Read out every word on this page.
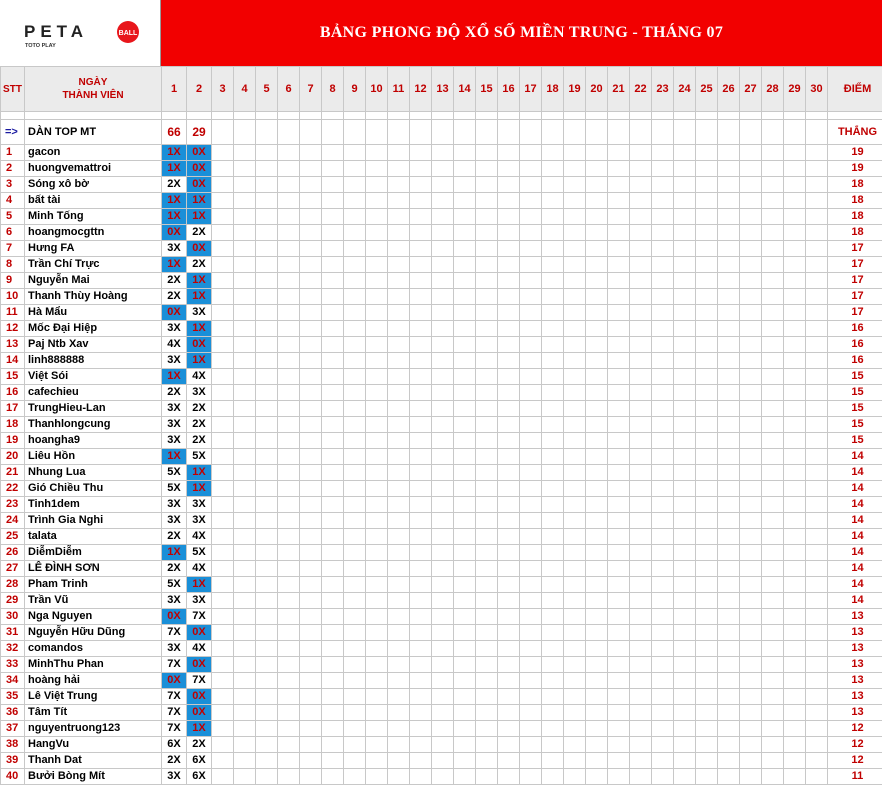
PETA	BALL
TOTO PLAY
BẢNG PHONG ĐỘ XỔ SỐ MIỀN TRUNG - THÁNG 07
STT	NGÀY
THÀNH VIÊN	1	2	3	4	5	6	7	8	9	10	11	12	13	14	15	16	17	18	19	20	21	22	23	24	25	26	27	28	29	30	ĐIỂM

=>	DÀN TOP MT	66	29																													THẮNG
1	gacon	1X	0X																													19
2	huongvemattroi	1X	0X																													19
3	Sóng xô bờ	2X	0X																													18
4	bất tài	1X	1X																													18
5	Minh Tống	1X	1X																													18
6	hoangmocgttn	0X	2X																													18
7	Hưng FA	3X	0X																													17
8	Trần Chí Trực	1X	2X																													17
9	Nguyễn Mai	2X	1X																													17
10	Thanh Thùy Hoàng	2X	1X																													17
11	Hà Mẩu	0X	3X																													17
12	Mốc Đại Hiệp	3X	1X																													16
13	Paj Ntb Xav	4X	0X																													16
14	linh888888	3X	1X																													16
15	Việt Sói	1X	4X																													15
16	cafechieu	2X	3X																													15
17	TrungHieu-Lan	3X	2X																													15
18	Thanhlongcung	3X	2X																													15
19	hoangha9	3X	2X																													15
20	Liêu Hồn	1X	5X																													14
21	Nhung Lua	5X	1X																													14
22	Gió Chiều Thu	5X	1X																													14
23	Tinh1dem	3X	3X																													14
24	Trình Gia Nghi	3X	3X																													14
25	talata	2X	4X																													14
26	DiễmDiễm	1X	5X																													14
27	LÊ ĐÌNH SƠN	2X	4X																													14
28	Pham Trinh	5X	1X																													14
29	Trần Vũ	3X	3X																													14
30	Nga Nguyen	0X	7X																													13
31	Nguyễn Hữu Dũng	7X	0X																													13
32	comandos	3X	4X																													13
33	MinhThu Phan	7X	0X																													13
34	hoàng hải	0X	7X																													13
35	Lê Việt Trung	7X	0X																													13
36	Tâm Tít	7X	0X																													13
37	nguyentruong123	7X	1X																													12
38	HangVu	6X	2X																													12
39	Thanh Dat	2X	6X																													12
40	Bưởi Bòng Mít	3X	6X																													11
